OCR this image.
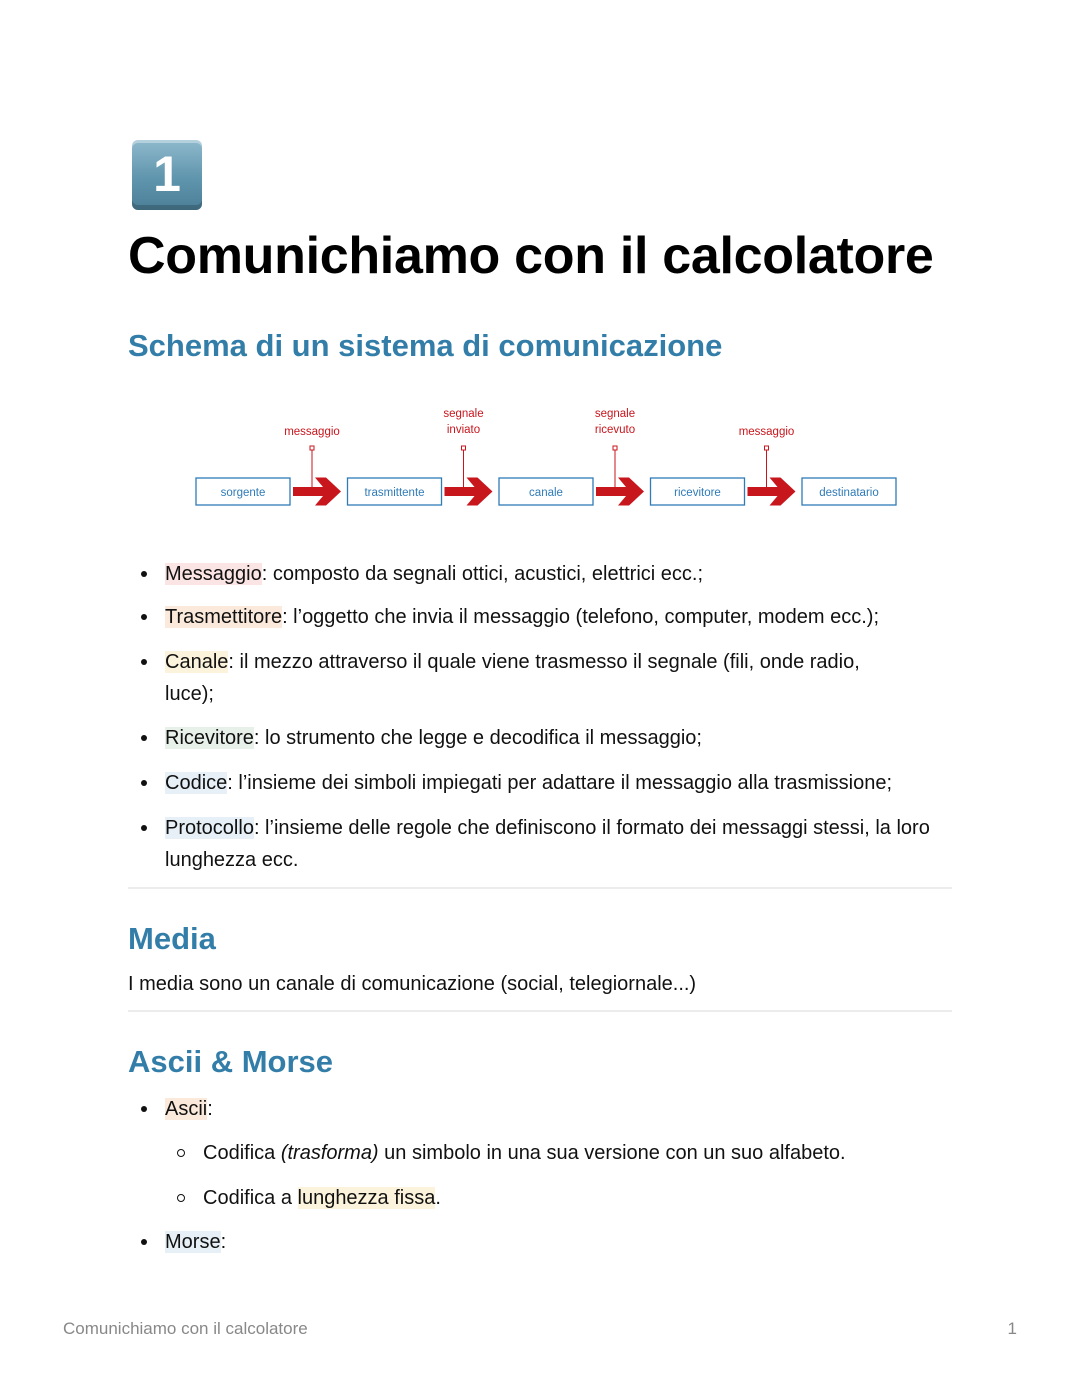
1
Comunichiamo con il calcolatore
Schema di un sistema di comunicazione
sorgente	trasmittente	canale	ricevitore	destinatario
messaggio
segnale
inviato
segnale
ricevuto	messaggio
Messaggio: composto da segnali ottici, acustici, elettrici ecc.;
Trasmettitore: l’oggetto che invia il messaggio (telefono, computer, modem ecc.);
Canale: il mezzo attraverso il quale viene trasmesso il segnale (fili, onde radio, luce);
Ricevitore: lo strumento che legge e decodifica il messaggio;
Codice: l’insieme dei simboli impiegati per adattare il messaggio alla trasmissione;
Protocollo: l’insieme delle regole che definiscono il formato dei messaggi stessi, la loro lunghezza ecc.
Media

I media sono un canale di comunicazione (social, telegiornale...)

Ascii & Morse
Ascii:
Codifica (trasforma) un simbolo in una sua versione con un suo alfabeto.
Codifica a lunghezza fissa.
Morse:
Comunichiamo con il calcolatore	1
